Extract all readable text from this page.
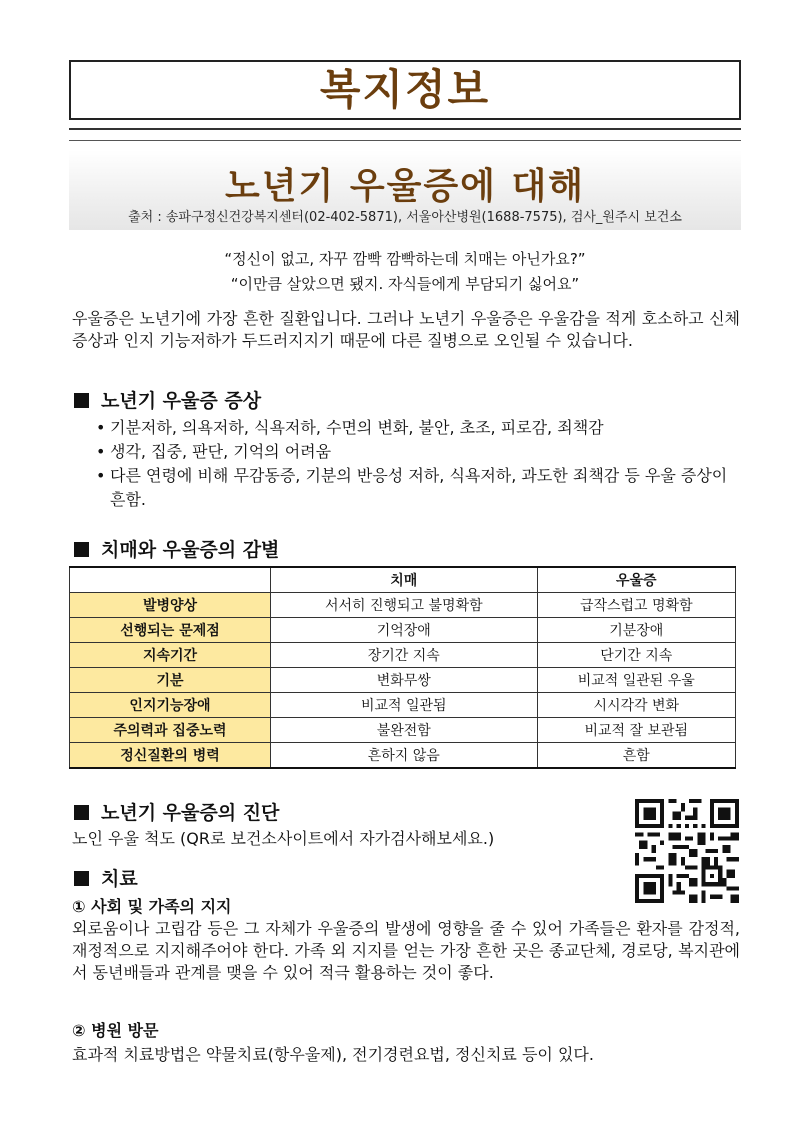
복지정보
노년기 우울증에 대해
출처 : 송파구정신건강복지센터(02-402-5871), 서울아산병원(1688-7575), 검사_원주시 보건소
“정신이 없고, 자꾸 깜빡 깜빡하는데 치매는 아닌가요?”
“이만큼 살았으면 됐지. 자식들에게 부담되기 싫어요”
우울증은 노년기에 가장 흔한 질환입니다. 그러나 노년기 우울증은 우울감을 적게 호소하고 신체증상과 인지 기능저하가 두드러지지기 때문에 다른 질병으로 오인될 수 있습니다.
노년기 우울증 증상
• 기분저하, 의욕저하, 식욕저하, 수면의 변화, 불안, 초조, 피로감, 죄책감
• 생각, 집중, 판단, 기억의 어려움
• 다른 연령에 비해 무감동증, 기분의 반응성 저하, 식욕저하, 과도한 죄책감 등 우울 증상이 흔함.
치매와 우울증의 감별
	치매	우울증
발병양상	서서히 진행되고 불명확함	급작스럽고 명확함
선행되는 문제점	기억장애	기분장애
지속기간	장기간 지속	단기간 지속
기분	변화무쌍	비교적 일관된 우울
인지기능장애	비교적 일관됨	시시각각 변화
주의력과 집중노력	불완전함	비교적 잘 보관됨
정신질환의 병력	흔하지 않음	흔함
노년기 우울증의 진단
노인 우울 척도 (QR로 보건소사이트에서 자가검사해보세요.)
치료
① 사회 및 가족의 지지
외로움이나 고립감 등은 그 자체가 우울증의 발생에 영향을 줄 수 있어 가족들은 환자를 감정적, 재정적으로 지지해주어야 한다. 가족 외 지지를 얻는 가장 흔한 곳은 종교단체, 경로당, 복지관에서 동년배들과 관계를 맺을 수 있어 적극 활용하는 것이 좋다.
② 병원 방문
효과적 치료방법은 약물치료(항우울제), 전기경련요법, 정신치료 등이 있다.
